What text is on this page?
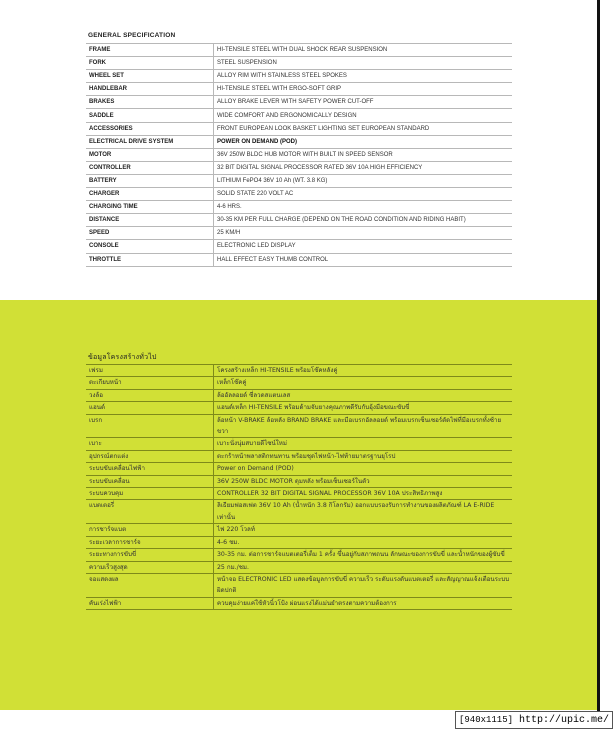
GENERAL SPECIFICATION
FRAME	HI-TENSILE STEEL WITH DUAL SHOCK REAR SUSPENSION
FORK	STEEL SUSPENSION
WHEEL SET	ALLOY RIM WITH STAINLESS STEEL SPOKES
HANDLEBAR	HI-TENSILE STEEL WITH ERGO-SOFT GRIP
BRAKES	ALLOY BRAKE LEVER WITH SAFETY POWER CUT-OFF
SADDLE	WIDE COMFORT AND ERGONOMICALLY DESIGN
ACCESSORIES	FRONT EUROPEAN LOOK BASKET LIGHTING SET EUROPEAN STANDARD
ELECTRICAL DRIVE SYSTEM	POWER ON DEMAND (POD)
MOTOR	36V 250W BLDC HUB MOTOR WITH BUILT IN SPEED SENSOR
CONTROLLER	32 BIT DIGITAL SIGNAL PROCESSOR RATED 36V 10A HIGH EFFICIENCY
BATTERY	LITHIUM FePO4 36V 10 Ah (WT. 3.8 KG)
CHARGER	SOLID STATE 220 VOLT AC
CHARGING TIME	4-6 HRS.
DISTANCE	30-35 KM PER FULL CHARGE (DEPEND ON THE ROAD CONDITION AND RIDING HABIT)
SPEED	25 KM/H
CONSOLE	ELECTRONIC LED DISPLAY
THROTTLE	HALL EFFECT EASY THUMB CONTROL
ข้อมูลโครงสร้างทั่วไป
เฟรม	โครงสร้างเหล็ก HI-TENSILE พร้อมโช๊คหลังคู่
ตะเกียบหน้า	เหล็กโช๊คคู่
วงล้อ	ล้ออัลลอยด์ ซี่ลวดสแตนเลส
แฮนด์	แฮนด์เหล็ก HI-TENSILE พร้อมด้ามจับยางคุณภาพดีรับกับอุ้งมือขณะขับขี่
เบรก	ล้อหน้า V-BRAKE ล้อหลัง BRAND BRAKE และมือเบรกอัลลอยด์ พร้อมเบรกเซ็นเซอร์ตัดไฟที่มือเบรกทั้งซ้ายขวา
เบาะ	เบาะนั่งนุ่มสบายดีไซน์ใหม่
อุปกรณ์ตกแต่ง	ตะกร้าหน้าพลาสติกทนทาน พร้อมชุดไฟหน้า-ไฟท้ายมาตรฐานยุโรป
ระบบขับเคลื่อนไฟฟ้า	Power on Demand (POD)
ระบบขับเคลื่อน	36V 250W BLDC MOTOR ดุมหลัง พร้อมเซ็นเซอร์ในตัว
ระบบควบคุม	CONTROLLER 32 BIT DIGITAL SIGNAL PROCESSOR 36V 10A ประสิทธิภาพสูง
แบตเตอรี่	ลิเธียมฟอสเฟต 36V 10 Ah (น้ำหนัก 3.8 กิโลกรัม) ออกแบบรองรับการทำงานของผลิตภัณฑ์ LA E-RIDE เท่านั้น
การชาร์จแบต	ไฟ 220 โวลท์
ระยะเวลาการชาร์จ	4-6 ชม.
ระยะทางการขับขี่	30-35 กม. ต่อการชาร์จแบตเตอรี่เต็ม 1 ครั้ง ขึ้นอยู่กับสภาพถนน ลักษณะของการขับขี่ และน้ำหนักของผู้ขับขี่
ความเร็วสูงสุด	25 กม./ชม.
จอแสดงผล	หน้าจอ ELECTRONIC LED แสดงข้อมูลการขับขี่ ความเร็ว ระดับแรงดันแบตเตอรี่ และสัญญาณแจ้งเตือนระบบผิดปกติ
คันเร่งไฟฟ้า	ควบคุมง่ายแค่ใช้หัวนิ้วโป้ง ผ่อนแรงได้แม่นยำตรงตามความต้องการ
[940x1115] http://upic.me/
